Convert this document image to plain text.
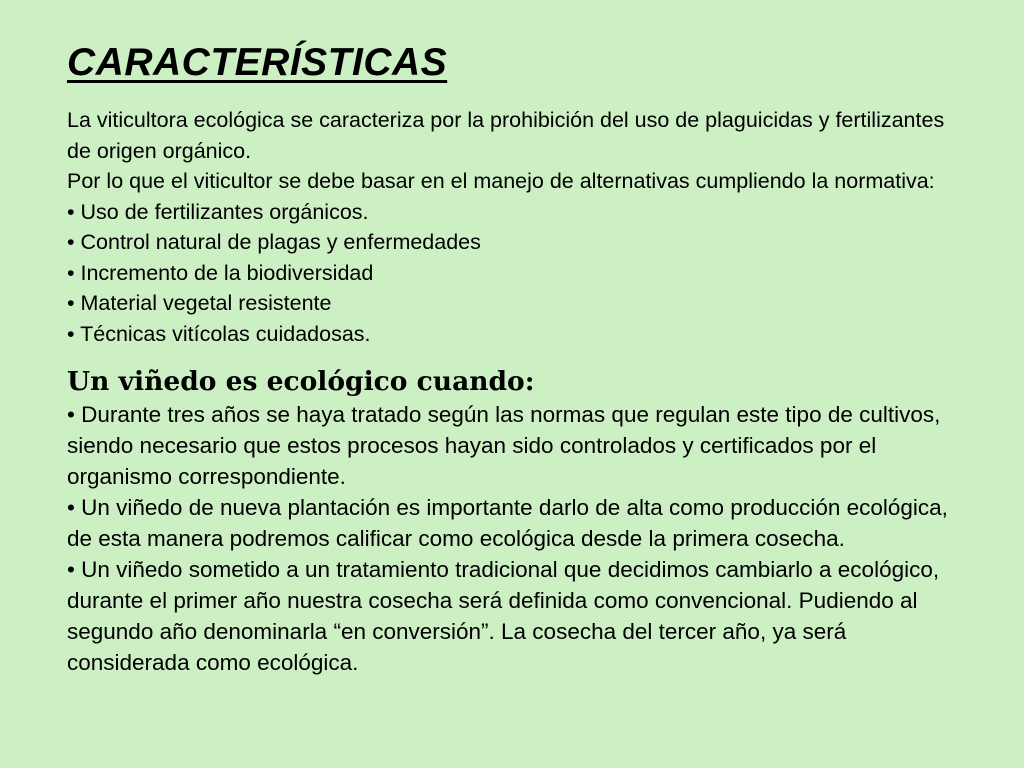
CARACTERÍSTICAS
La viticultora ecológica se caracteriza por la prohibición del uso de plaguicidas y fertilizantes de origen orgánico.
Por lo que el viticultor se debe basar en el manejo de alternativas cumpliendo la normativa:
• Uso de fertilizantes orgánicos.
• Control natural de plagas y enfermedades
• Incremento de la biodiversidad
• Material vegetal resistente
• Técnicas vitícolas cuidadosas.
Un viñedo es ecológico cuando:
• Durante tres años se haya tratado según las normas que regulan este tipo de cultivos, siendo necesario que estos procesos hayan sido controlados y certificados por el organismo correspondiente.
• Un viñedo de nueva plantación es importante darlo de alta como producción ecológica, de esta manera podremos calificar como ecológica desde la primera cosecha.
• Un viñedo sometido a un tratamiento tradicional que decidimos cambiarlo a ecológico, durante el primer año nuestra cosecha será definida como convencional. Pudiendo al segundo año denominarla “en conversión”. La cosecha del tercer año, ya será considerada como ecológica.
